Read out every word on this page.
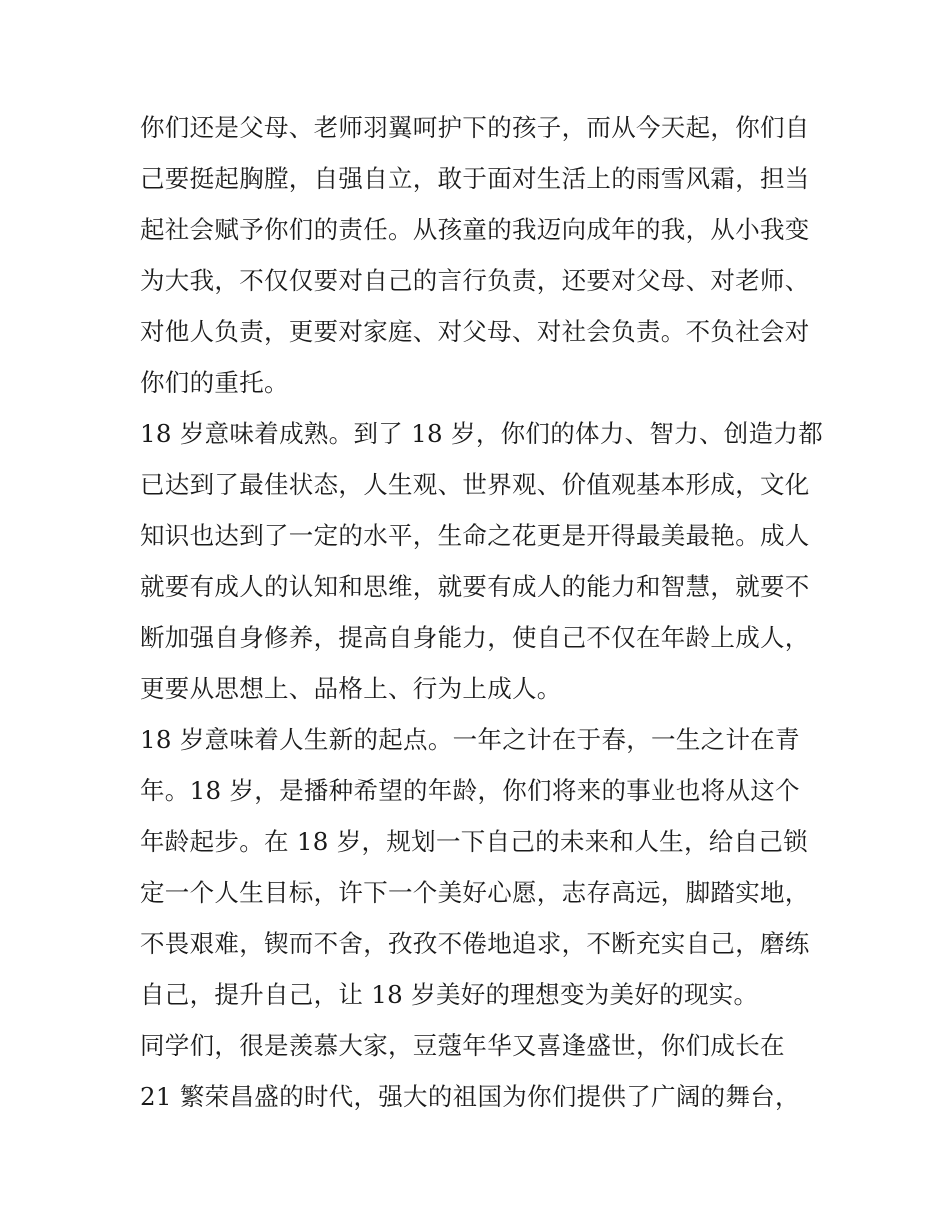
你们还是父母、老师羽翼呵护下的孩子，而从今天起，你们自
己要挺起胸膛，自强自立，敢于面对生活上的雨雪风霜，担当
起社会赋予你们的责任。从孩童的我迈向成年的我，从小我变
为大我，不仅仅要对自己的言行负责，还要对父母、对老师、
对他人负责，更要对家庭、对父母、对社会负责。不负社会对
你们的重托。
18 岁意味着成熟。到了 18 岁，你们的体力、智力、创造力都
已达到了最佳状态，人生观、世界观、价值观基本形成，文化
知识也达到了一定的水平，生命之花更是开得最美最艳。成人
就要有成人的认知和思维，就要有成人的能力和智慧，就要不
断加强自身修养，提高自身能力，使自己不仅在年龄上成人，
更要从思想上、品格上、行为上成人。
18 岁意味着人生新的起点。一年之计在于春，一生之计在青
年。18 岁，是播种希望的年龄，你们将来的事业也将从这个
年龄起步。在 18 岁，规划一下自己的未来和人生，给自己锁
定一个人生目标，许下一个美好心愿，志存高远，脚踏实地，
不畏艰难，锲而不舍，孜孜不倦地追求，不断充实自己，磨练
自己，提升自己，让 18 岁美好的理想变为美好的现实。
同学们，很是羡慕大家，豆蔻年华又喜逢盛世，你们成长在
21 繁荣昌盛的时代，强大的祖国为你们提供了广阔的舞台，
